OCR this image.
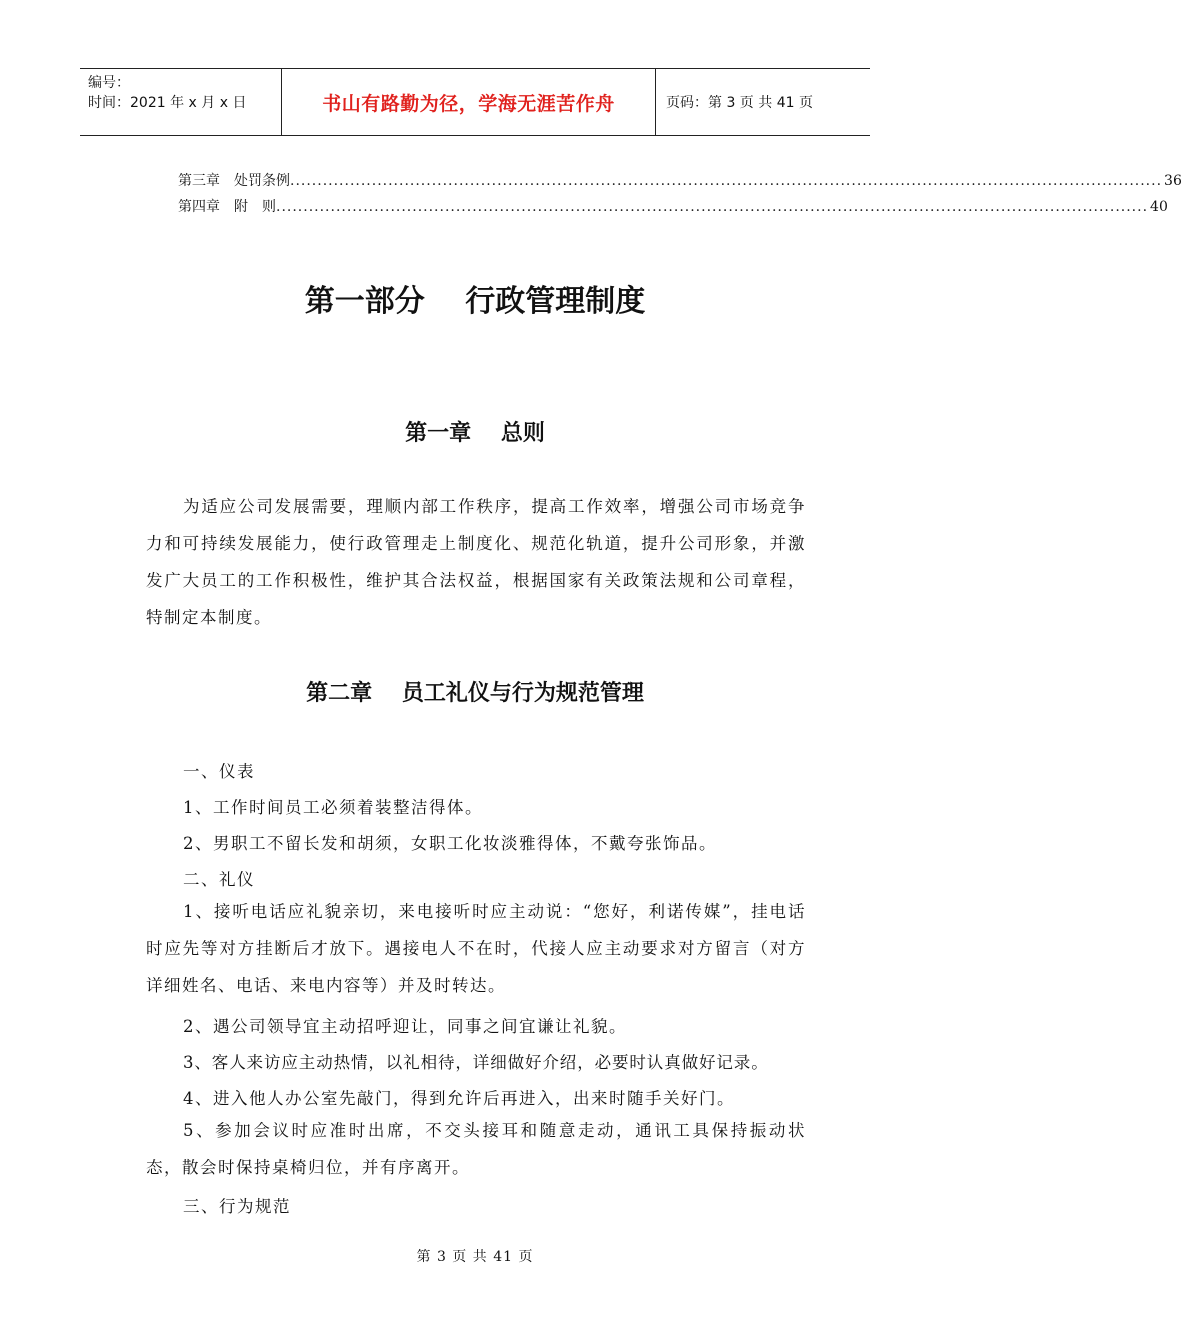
编号：
时间：2021 年 x 月 x 日	书山有路勤为径，学海无涯苦作舟	页码：第 3 页 共 41 页
第三章　处罚条例 ................................................................................................................................................................ 36
第四章　附　则 ................................................................................................................................................................ 40
第一部分　 行政管理制度
第一章　 总则
为适应公司发展需要，理顺内部工作秩序，提高工作效率，增强公司市场竞争力和可持续发展能力，使行政管理走上制度化、规范化轨道，提升公司形象，并激发广大员工的工作积极性，维护其合法权益，根据国家有关政策法规和公司章程，特制定本制度。
第二章　 员工礼仪与行为规范管理
一、仪表
1、工作时间员工必须着装整洁得体。
2、男职工不留长发和胡须，女职工化妆淡雅得体，不戴夸张饰品。
二、礼仪
1、接听电话应礼貌亲切，来电接听时应主动说：“您好，利诺传媒”，挂电话时应先等对方挂断后才放下。遇接电人不在时，代接人应主动要求对方留言（对方详细姓名、电话、来电内容等）并及时转达。
2、遇公司领导宜主动招呼迎让，同事之间宜谦让礼貌。
3、客人来访应主动热情，以礼相待，详细做好介绍，必要时认真做好记录。
4、进入他人办公室先敲门，得到允许后再进入，出来时随手关好门。
5、参加会议时应准时出席，不交头接耳和随意走动，通讯工具保持振动状态，散会时保持桌椅归位，并有序离开。
三、行为规范
第 3 页 共 41 页
